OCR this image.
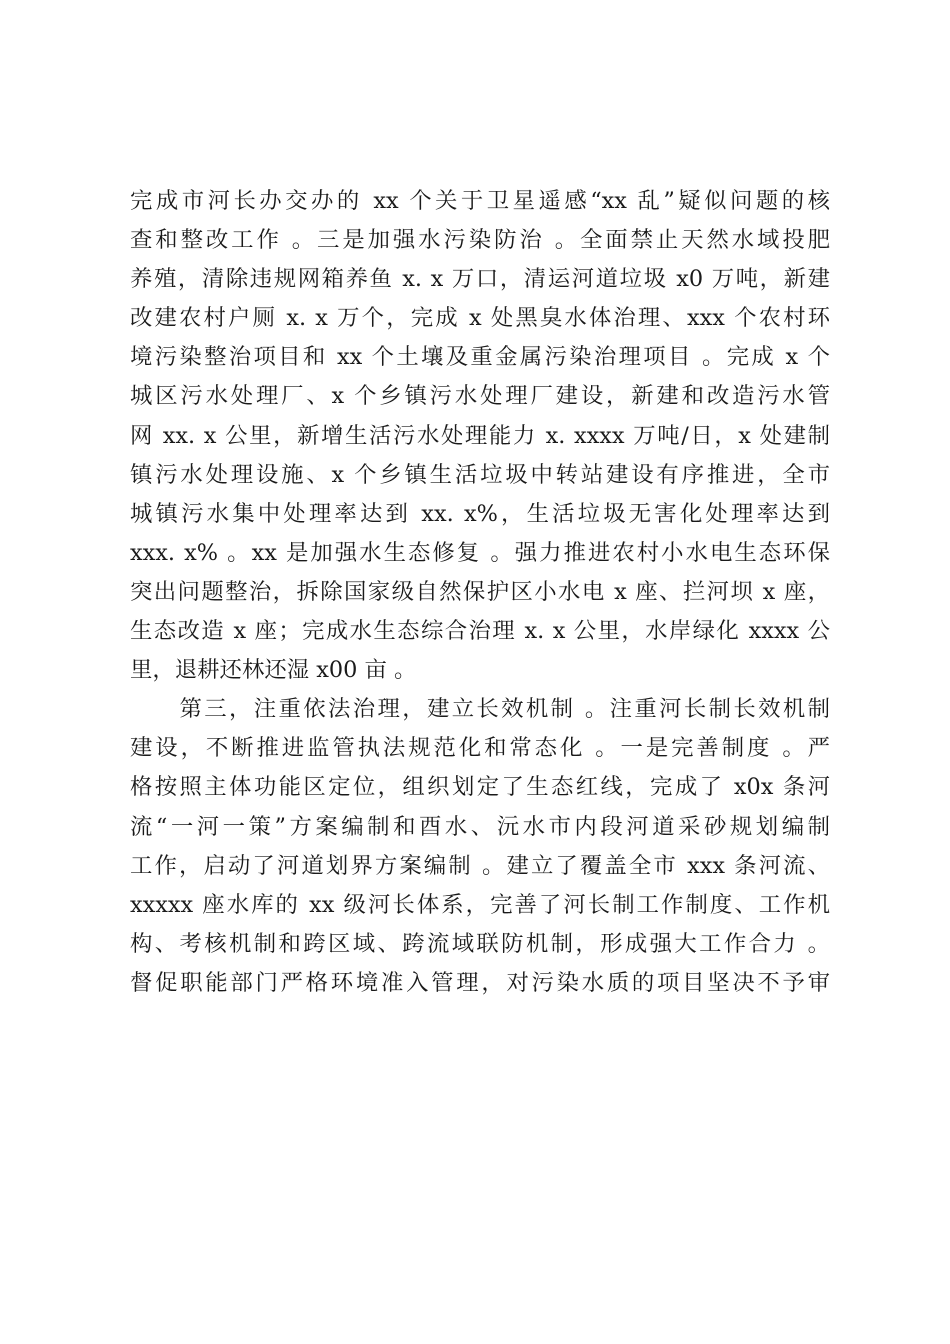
完成市河长办交办的 xx 个关于卫星遥感“xx 乱”疑似问题的核
查和整改工作 。三是加强水污染防治 。全面禁止天然水域投肥
养殖，清除违规网箱养鱼 x. x 万口，清运河道垃圾 x0 万吨，新建
改建农村户厕 x. x 万个，完成 x 处黑臭水体治理、xxx 个农村环
境污染整治项目和 xx 个土壤及重金属污染治理项目 。完成 x 个
城区污水处理厂、x 个乡镇污水处理厂建设，新建和改造污水管
网 xx. x 公里，新增生活污水处理能力 x. xxxx 万吨/日，x 处建制
镇污水处理设施、x 个乡镇生活垃圾中转站建设有序推进，全市
城镇污水集中处理率达到 xx. x%，生活垃圾无害化处理率达到
xxx. x% 。xx 是加强水生态修复 。强力推进农村小水电生态环保
突出问题整治，拆除国家级自然保护区小水电 x 座、拦河坝 x 座，
生态改造 x 座；完成水生态综合治理 x. x 公里，水岸绿化 xxxx 公
里，退耕还林还湿 x00 亩 。
　　第三，注重依法治理，建立长效机制 。注重河长制长效机制
建设，不断推进监管执法规范化和常态化 。一是完善制度 。严
格按照主体功能区定位，组织划定了生态红线，完成了 x0x 条河
流“一河一策”方案编制和酉水、沅水市内段河道采砂规划编制
工作，启动了河道划界方案编制 。建立了覆盖全市 xxx 条河流、
xxxxx 座水库的 xx 级河长体系，完善了河长制工作制度、工作机
构、考核机制和跨区域、跨流域联防机制，形成强大工作合力 。
督促职能部门严格环境准入管理，对污染水质的项目坚决不予审
